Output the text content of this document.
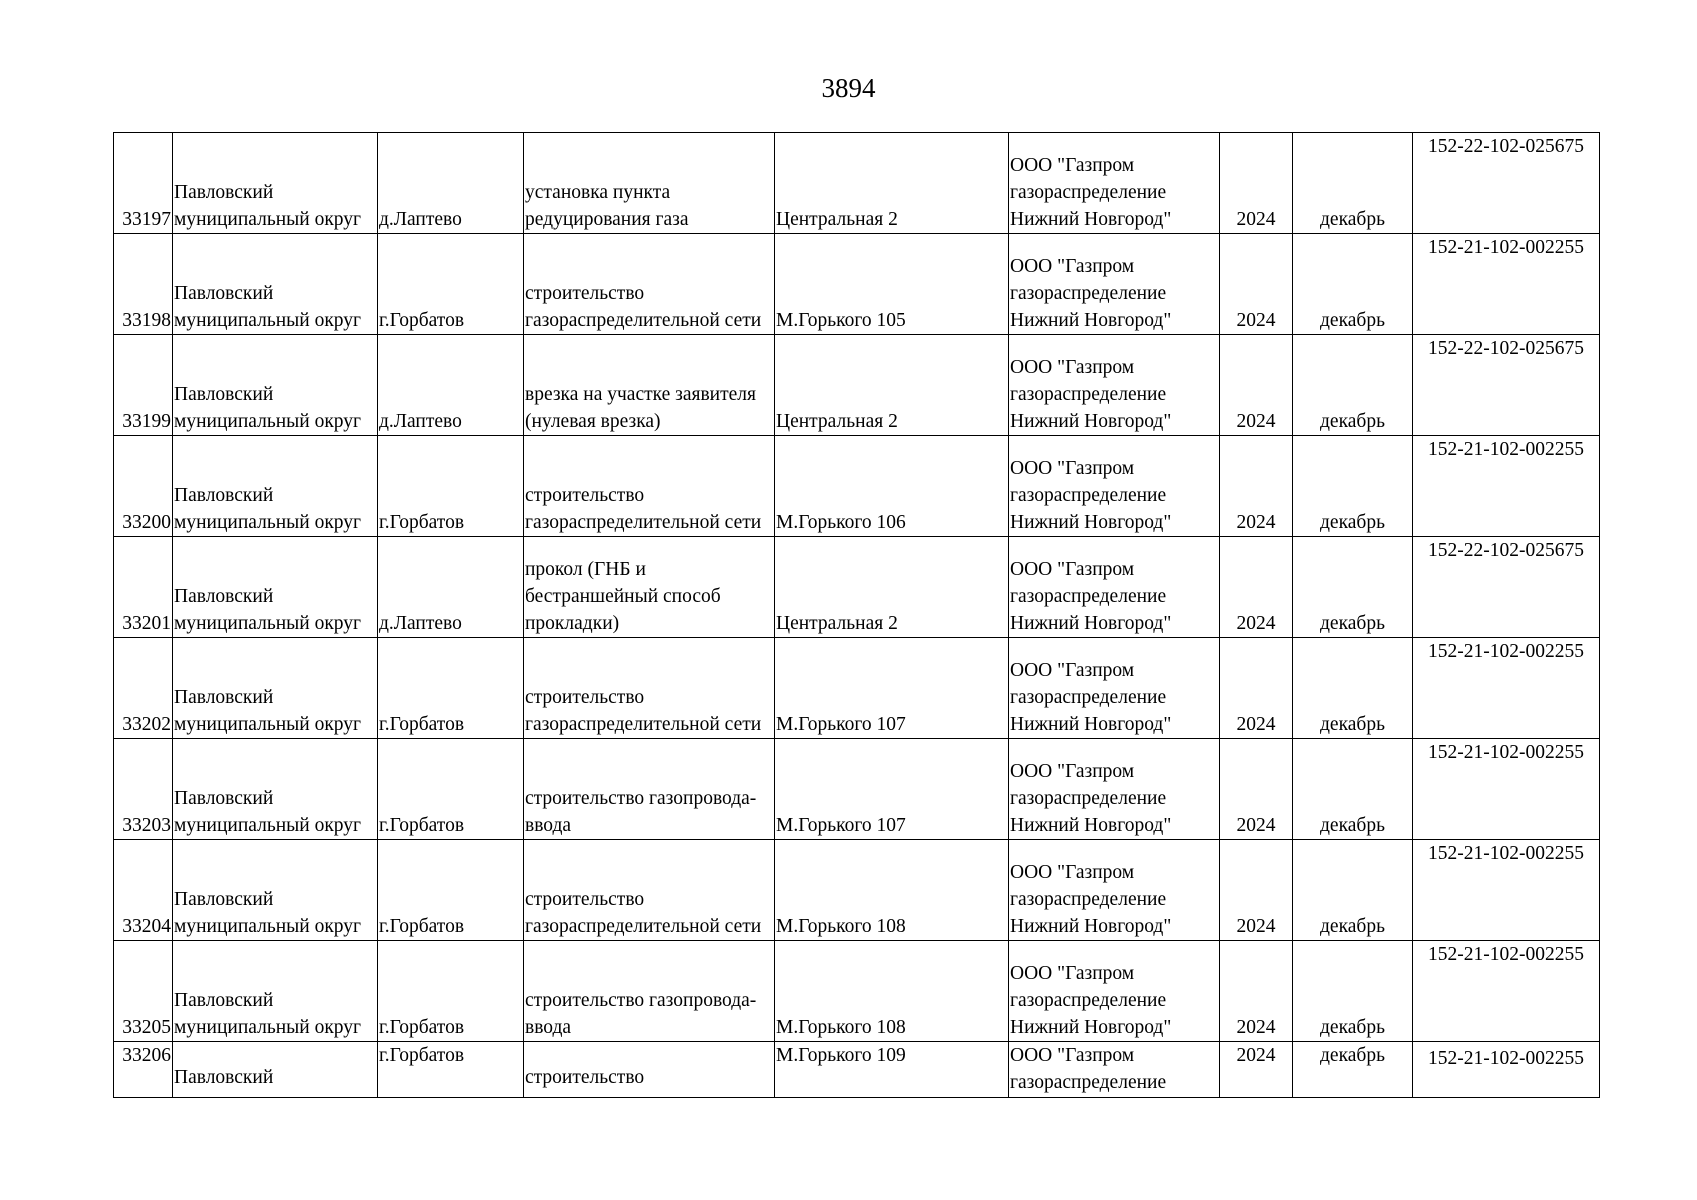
3894
33197	Павловский
муниципальный округ	д.Лаптево	установка пункта
редуцирования газа	Центральная 2	ООО "Газпром
газораспределение
Нижний Новгород"	2024	декабрь	152-22-102-025675
33198	Павловский
муниципальный округ	г.Горбатов	строительство
газораспределительной сети	М.Горького 105	ООО "Газпром
газораспределение
Нижний Новгород"	2024	декабрь	152-21-102-002255
33199	Павловский
муниципальный округ	д.Лаптево	врезка на участке заявителя
(нулевая врезка)	Центральная 2	ООО "Газпром
газораспределение
Нижний Новгород"	2024	декабрь	152-22-102-025675
33200	Павловский
муниципальный округ	г.Горбатов	строительство
газораспределительной сети	М.Горького 106	ООО "Газпром
газораспределение
Нижний Новгород"	2024	декабрь	152-21-102-002255
33201	Павловский
муниципальный округ	д.Лаптево	прокол (ГНБ и
бестраншейный способ
прокладки)	Центральная 2	ООО "Газпром
газораспределение
Нижний Новгород"	2024	декабрь	152-22-102-025675
33202	Павловский
муниципальный округ	г.Горбатов	строительство
газораспределительной сети	М.Горького 107	ООО "Газпром
газораспределение
Нижний Новгород"	2024	декабрь	152-21-102-002255
33203	Павловский
муниципальный округ	г.Горбатов	строительство газопровода-
ввода	М.Горького 107	ООО "Газпром
газораспределение
Нижний Новгород"	2024	декабрь	152-21-102-002255
33204	Павловский
муниципальный округ	г.Горбатов	строительство
газораспределительной сети	М.Горького 108	ООО "Газпром
газораспределение
Нижний Новгород"	2024	декабрь	152-21-102-002255
33205	Павловский
муниципальный округ	г.Горбатов	строительство газопровода-
ввода	М.Горького 108	ООО "Газпром
газораспределение
Нижний Новгород"	2024	декабрь	152-21-102-002255
33206	Павловский	г.Горбатов	строительство	М.Горького 109	ООО "Газпром
газораспределение	2024	декабрь	152-21-102-002255
